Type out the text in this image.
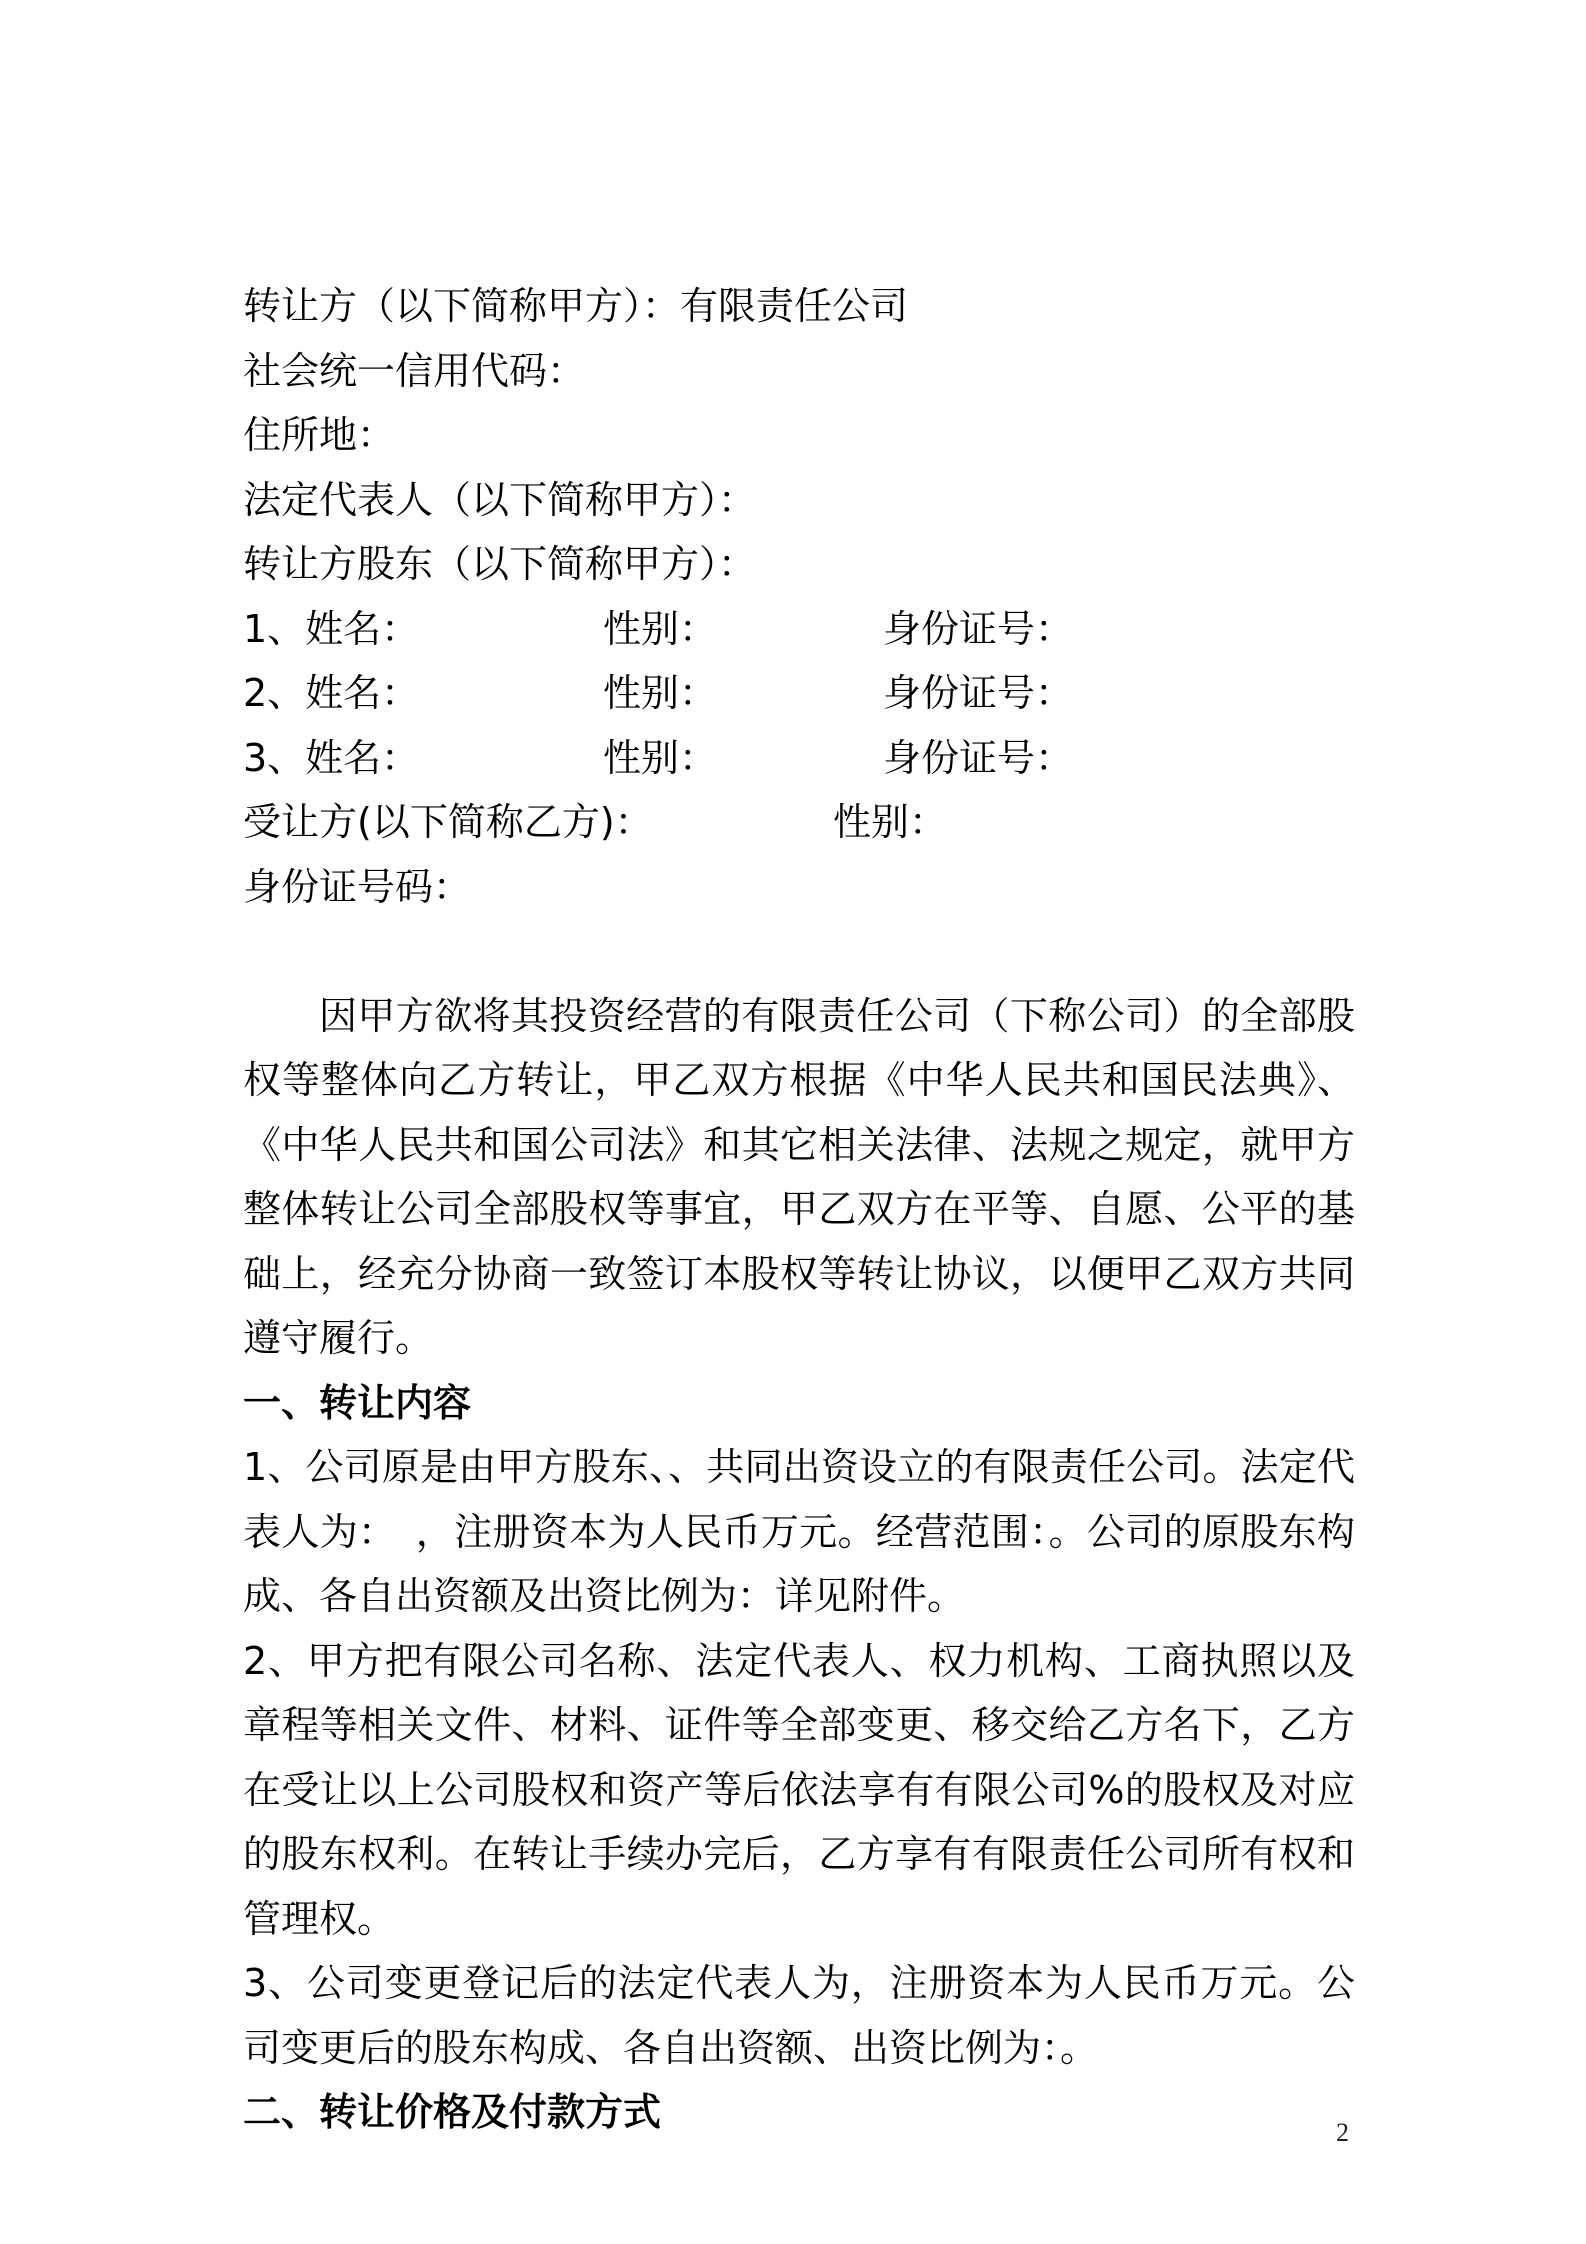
转让方（以下简称甲方）：有限责任公司
社会统一信用代码：
住所地：
法定代表人（以下简称甲方）：
转让方股东（以下简称甲方）：
1、姓名：	性别：	身份证号：
2、姓名：	性别：	身份证号：
3、姓名：	性别：	身份证号：
受让方(以下简称乙方)：	性别：
身份证号码：
因甲方欲将其投资经营的有限责任公司（下称公司）的全部股权等整体向乙方转让，甲乙双方根据《中华人民共和国民法典》、《中华人民共和国公司法》和其它相关法律、法规之规定，就甲方整体转让公司全部股权等事宜，甲乙双方在平等、自愿、公平的基础上，经充分协商一致签订本股权等转让协议，以便甲乙双方共同遵守履行。
一、转让内容
1、公司原是由甲方股东、、共同出资设立的有限责任公司。法定代表人为：　，注册资本为人民币万元。经营范围：。公司的原股东构成、各自出资额及出资比例为：详见附件。
2、甲方把有限公司名称、法定代表人、权力机构、工商执照以及章程等相关文件、材料、证件等全部变更、移交给乙方名下，乙方在受让以上公司股权和资产等后依法享有有限公司%的股权及对应的股东权利。在转让手续办完后，乙方享有有限责任公司所有权和管理权。
3、公司变更登记后的法定代表人为，注册资本为人民币万元。公司变更后的股东构成、各自出资额、出资比例为：。
二、转让价格及付款方式	2
